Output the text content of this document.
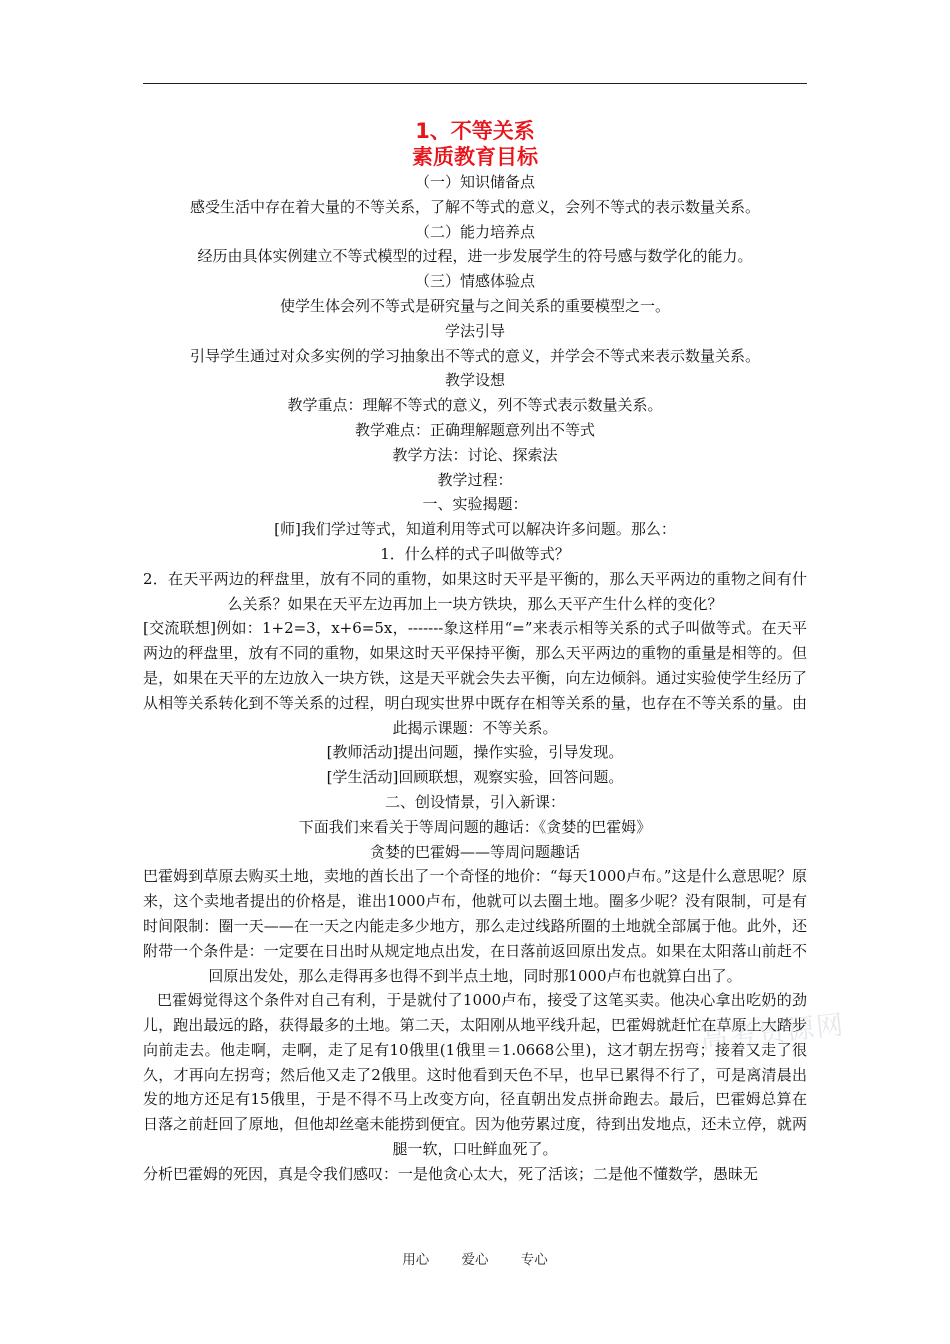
高考资源网
1、不等关系
素质教育目标

（一）知识储备点

感受生活中存在着大量的不等关系，了解不等式的意义，会列不等式的表示数量关系。

（二）能力培养点

经历由具体实例建立不等式模型的过程，进一步发展学生的符号感与数学化的能力。

（三）情感体验点

使学生体会列不等式是研究量与之间关系的重要模型之一。

学法引导

引导学生通过对众多实例的学习抽象出不等式的意义，并学会不等式来表示数量关系。

教学设想

教学重点：理解不等式的意义，列不等式表示数量关系。

教学难点：正确理解题意列出不等式

教学方法：讨论、探索法

教学过程：

一、实验揭题：

[师]我们学过等式，知道利用等式可以解决许多问题。那么：

1．什么样的式子叫做等式？

2．在天平两边的秤盘里，放有不同的重物，如果这时天平是平衡的，那么天平两边的重物之间有什么关系？如果在天平左边再加上一块方铁块，那么天平产生什么样的变化？

[交流联想]例如：1+2=3，x+6=5x，-------象这样用“=”来表示相等关系的式子叫做等式。在天平两边的秤盘里，放有不同的重物，如果这时天平保持平衡，那么天平两边的重物的重量是相等的。但是，如果在天平的左边放入一块方铁，这是天平就会失去平衡，向左边倾斜。通过实验使学生经历了从相等关系转化到不等关系的过程，明白现实世界中既存在相等关系的量，也存在不等关系的量。由此揭示课题：不等关系。

[教师活动]提出问题，操作实验，引导发现。

[学生活动]回顾联想，观察实验，回答问题。

二、创设情景，引入新课：

下面我们来看关于等周问题的趣话：《贪婪的巴霍姆》

贪婪的巴霍姆——等周问题趣话

巴霍姆到草原去购买土地，卖地的酋长出了一个奇怪的地价：“每天1000卢布。”这是什么意思呢？原来，这个卖地者提出的价格是，谁出1000卢布，他就可以去圈土地。圈多少呢？没有限制，可是有时间限制：圈一天——在一天之内能走多少地方，那么走过线路所圈的土地就全部属于他。此外，还附带一个条件是：一定要在日出时从规定地点出发，在日落前返回原出发点。如果在太阳落山前赶不回原出发处，那么走得再多也得不到半点土地，同时那1000卢布也就算白出了。

巴霍姆觉得这个条件对自己有利，于是就付了1000卢布，接受了这笔买卖。他决心拿出吃奶的劲儿，跑出最远的路，获得最多的土地。第二天，太阳刚从地平线升起，巴霍姆就赶忙在草原上大踏步向前走去。他走啊，走啊，走了足有10俄里(1俄里＝1.0668公里)，这才朝左拐弯；接着又走了很久，才再向左拐弯；然后他又走了2俄里。这时他看到天色不早，也早已累得不行了，可是离清晨出发的地方还足有15俄里，于是不得不马上改变方向，径直朝出发点拼命跑去。最后，巴霍姆总算在日落之前赶回了原地，但他却丝毫未能捞到便宜。因为他劳累过度，待到出发地点，还未立停，就两腿一软，口吐鲜血死了。

分析巴霍姆的死因，真是令我们感叹：一是他贪心太大，死了活该；二是他不懂数学，愚昧无

用心 爱心 专心
